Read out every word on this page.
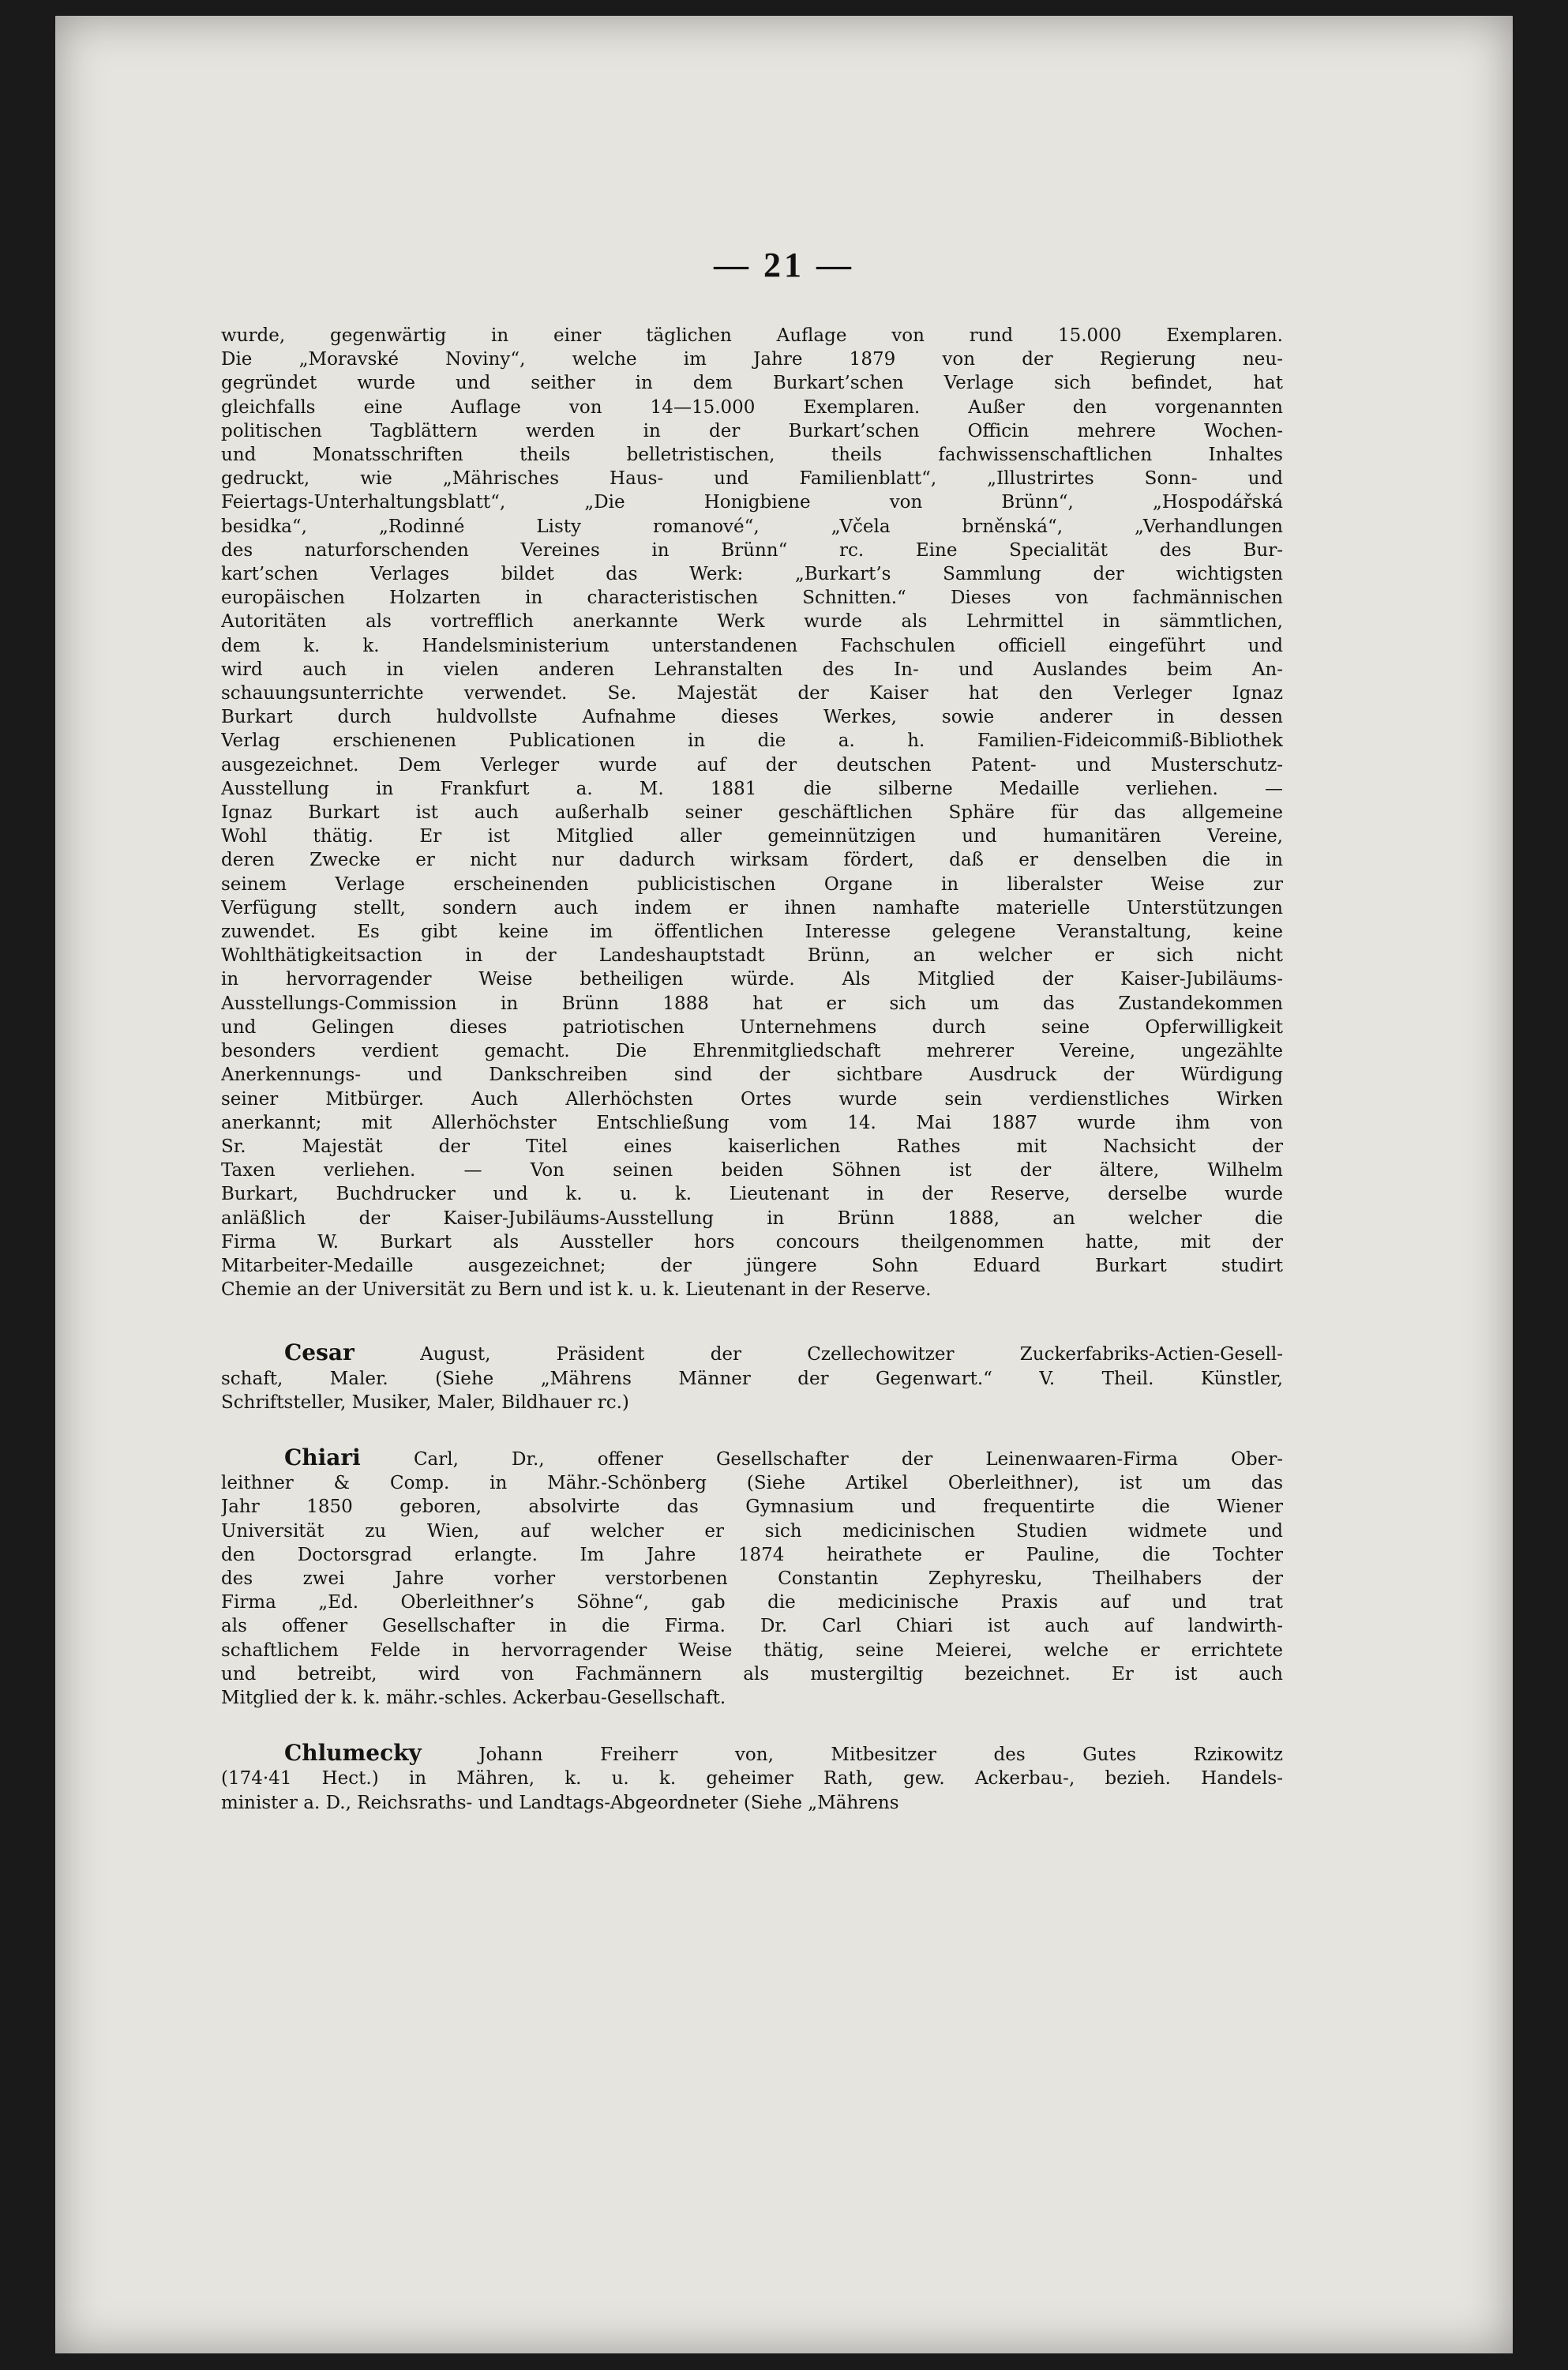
— 21 —
wurde, gegenwärtig in einer täglichen Auflage von rund 15.000 Exemplaren.
Die „Moravské Noviny“, welche im Jahre 1879 von der Regierung neu-
gegründet wurde und seither in dem Burkart’schen Verlage sich befindet, hat
gleichfalls eine Auflage von 14—15.000 Exemplaren. Außer den vorgenannten
politischen Tagblättern werden in der Burkart’schen Officin mehrere Wochen-
und Monatsschriften theils belletristischen, theils fachwissenschaftlichen Inhaltes
gedruckt, wie „Mährisches Haus- und Familienblatt“, „Illustrirtes Sonn- und
Feiertags-Unterhaltungsblatt“, „Die Honigbiene von Brünn“, „Hospodářská
besidka“, „Rodinné Listy romanové“, „Včela brněnská“, „Verhandlungen
des naturforschenden Vereines in Brünn“ rc. Eine Specialität des Bur-
kart’schen Verlages bildet das Werk: „Burkart’s Sammlung der wichtigsten
europäischen Holzarten in characteristischen Schnitten.“ Dieses von fachmännischen
Autoritäten als vortrefflich anerkannte Werk wurde als Lehrmittel in sämmtlichen,
dem k. k. Handelsministerium unterstandenen Fachschulen officiell eingeführt und
wird auch in vielen anderen Lehranstalten des In- und Auslandes beim An-
schauungsunterrichte verwendet. Se. Majestät der Kaiser hat den Verleger Ignaz
Burkart durch huldvollste Aufnahme dieses Werkes, sowie anderer in dessen
Verlag erschienenen Publicationen in die a. h. Familien-Fideicommiß-Bibliothek
ausgezeichnet. Dem Verleger wurde auf der deutschen Patent- und Musterschutz-
Ausstellung in Frankfurt a. M. 1881 die silberne Medaille verliehen. —
Ignaz Burkart ist auch außerhalb seiner geschäftlichen Sphäre für das allgemeine
Wohl thätig. Er ist Mitglied aller gemeinnützigen und humanitären Vereine,
deren Zwecke er nicht nur dadurch wirksam fördert, daß er denselben die in
seinem Verlage erscheinenden publicistischen Organe in liberalster Weise zur
Verfügung stellt, sondern auch indem er ihnen namhafte materielle Unterstützungen
zuwendet. Es gibt keine im öffentlichen Interesse gelegene Veranstaltung, keine
Wohlthätigkeitsaction in der Landeshauptstadt Brünn, an welcher er sich nicht
in hervorragender Weise betheiligen würde. Als Mitglied der Kaiser-Jubiläums-
Ausstellungs-Commission in Brünn 1888 hat er sich um das Zustandekommen
und Gelingen dieses patriotischen Unternehmens durch seine Opferwilligkeit
besonders verdient gemacht. Die Ehrenmitgliedschaft mehrerer Vereine, ungezählte
Anerkennungs- und Dankschreiben sind der sichtbare Ausdruck der Würdigung
seiner Mitbürger. Auch Allerhöchsten Ortes wurde sein verdienstliches Wirken
anerkannt; mit Allerhöchster Entschließung vom 14. Mai 1887 wurde ihm von
Sr. Majestät der Titel eines kaiserlichen Rathes mit Nachsicht der
Taxen verliehen. — Von seinen beiden Söhnen ist der ältere, Wilhelm
Burkart, Buchdrucker und k. u. k. Lieutenant in der Reserve, derselbe wurde
anläßlich der Kaiser-Jubiläums-Ausstellung in Brünn 1888, an welcher die
Firma W. Burkart als Aussteller hors concours theilgenommen hatte, mit der
Mitarbeiter-Medaille ausgezeichnet; der jüngere Sohn Eduard Burkart studirt
Chemie an der Universität zu Bern und ist k. u. k. Lieutenant in der Reserve.
Cesar	August, Präsident der Czellechowitzer Zuckerfabriks-Actien-Gesell-
schaft, Maler. (Siehe „Mährens Männer der Gegenwart.“ V. Theil. Künstler,
Schriftsteller, Musiker, Maler, Bildhauer rc.)
Chiari	Carl, Dr., offener Gesellschafter der Leinenwaaren-Firma Ober-
leithner & Comp. in Mähr.-Schönberg (Siehe Artikel Oberleithner), ist um das
Jahr 1850 geboren, absolvirte das Gymnasium und frequentirte die Wiener
Universität zu Wien, auf welcher er sich medicinischen Studien widmete und
den Doctorsgrad erlangte. Im Jahre 1874 heirathete er Pauline, die Tochter
des zwei Jahre vorher verstorbenen Constantin Zephyresku, Theilhabers der
Firma „Ed. Oberleithner’s Söhne“, gab die medicinische Praxis auf und trat
als offener Gesellschafter in die Firma. Dr. Carl Chiari ist auch auf landwirth-
schaftlichem Felde in hervorragender Weise thätig, seine Meierei, welche er errichtete
und betreibt, wird von Fachmännern als mustergiltig bezeichnet. Er ist auch
Mitglied der k. k. mähr.-schles. Ackerbau-Gesellschaft.
Chlumecky	Johann Freiherr von, Mitbesitzer des Gutes Rziкowitz
(174·41 Hect.) in Mähren, k. u. k. geheimer Rath, gew. Ackerbau-, bezieh. Handels-
minister a. D., Reichsraths- und Landtags-Abgeordneter (Siehe „Mährens
